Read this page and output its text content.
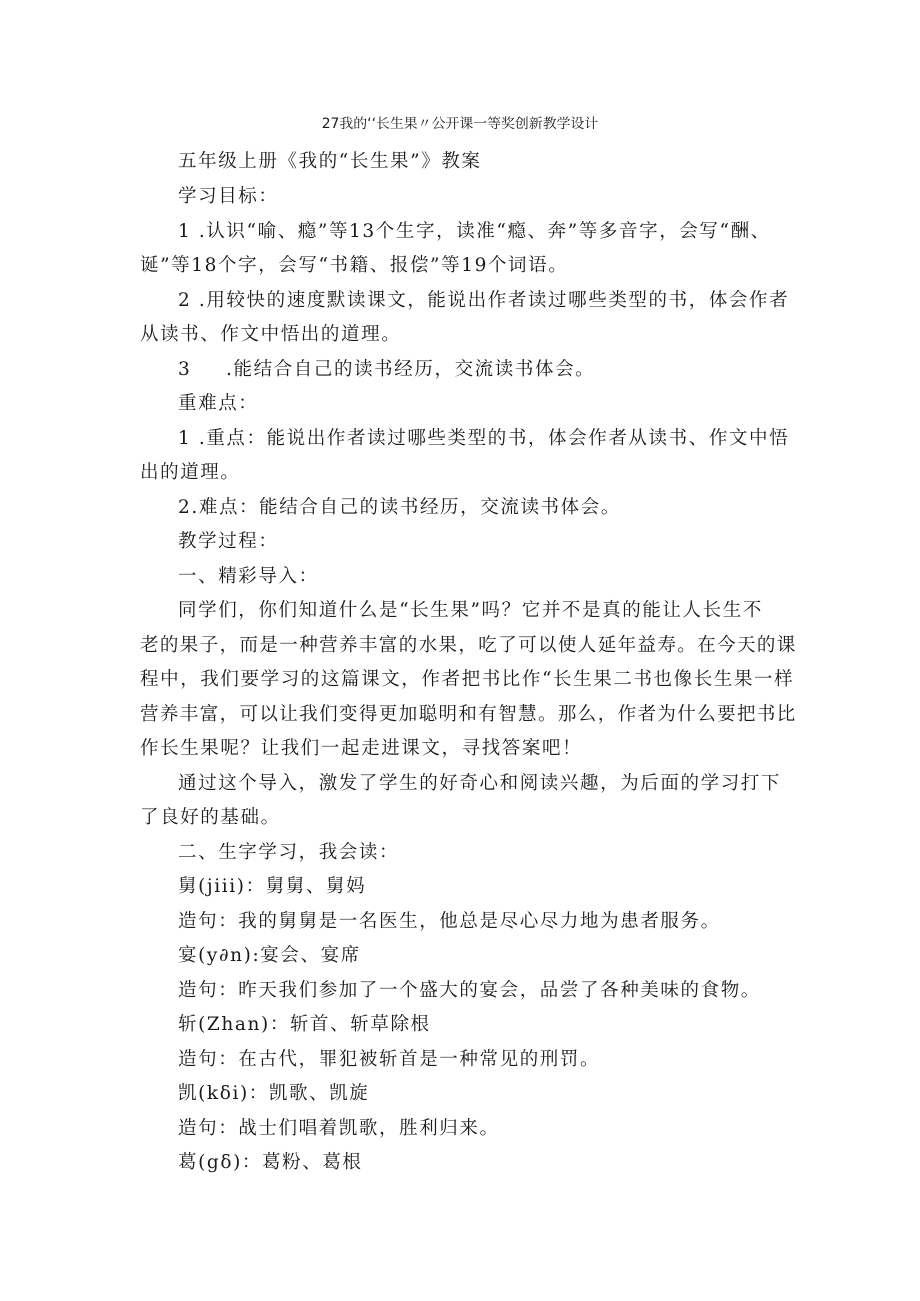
27我的‘‘长生果〃公开课一等奖创新教学设计
五年级上册《我的“长生果”》教案
学习目标：
1 .认识“喻、瘾”等13个生字，读准“瘾、奔”等多音字，会写“酬、
诞”等18个字，会写“书籍、报偿”等19个词语。
2 .用较快的速度默读课文，能说出作者读过哪些类型的书，体会作者
从读书、作文中悟出的道理。
3 .能结合自己的读书经历，交流读书体会。
重难点：
1 .重点：能说出作者读过哪些类型的书，体会作者从读书、作文中悟
出的道理。
2.难点：能结合自己的读书经历，交流读书体会。
教学过程：
一、精彩导入：
同学们，你们知道什么是“长生果”吗？它并不是真的能让人长生不
老的果子，而是一种营养丰富的水果，吃了可以使人延年益寿。在今天的课
程中，我们要学习的这篇课文，作者把书比作“长生果二书也像长生果一样
营养丰富，可以让我们变得更加聪明和有智慧。那么，作者为什么要把书比
作长生果呢？让我们一起走进课文，寻找答案吧！
通过这个导入，激发了学生的好奇心和阅读兴趣，为后面的学习打下
了良好的基础。
二、生字学习，我会读：
舅(jiii)：舅舅、舅妈
造句：我的舅舅是一名医生，他总是尽心尽力地为患者服务。
宴(y∂n):宴会、宴席
造句：昨天我们参加了一个盛大的宴会，品尝了各种美味的食物。
斩(Zhan)：斩首、斩草除根
造句：在古代，罪犯被斩首是一种常见的刑罚。
凯(kδi)：凯歌、凯旋
造句：战士们唱着凯歌，胜利归来。
葛(gδ)：葛粉、葛根
